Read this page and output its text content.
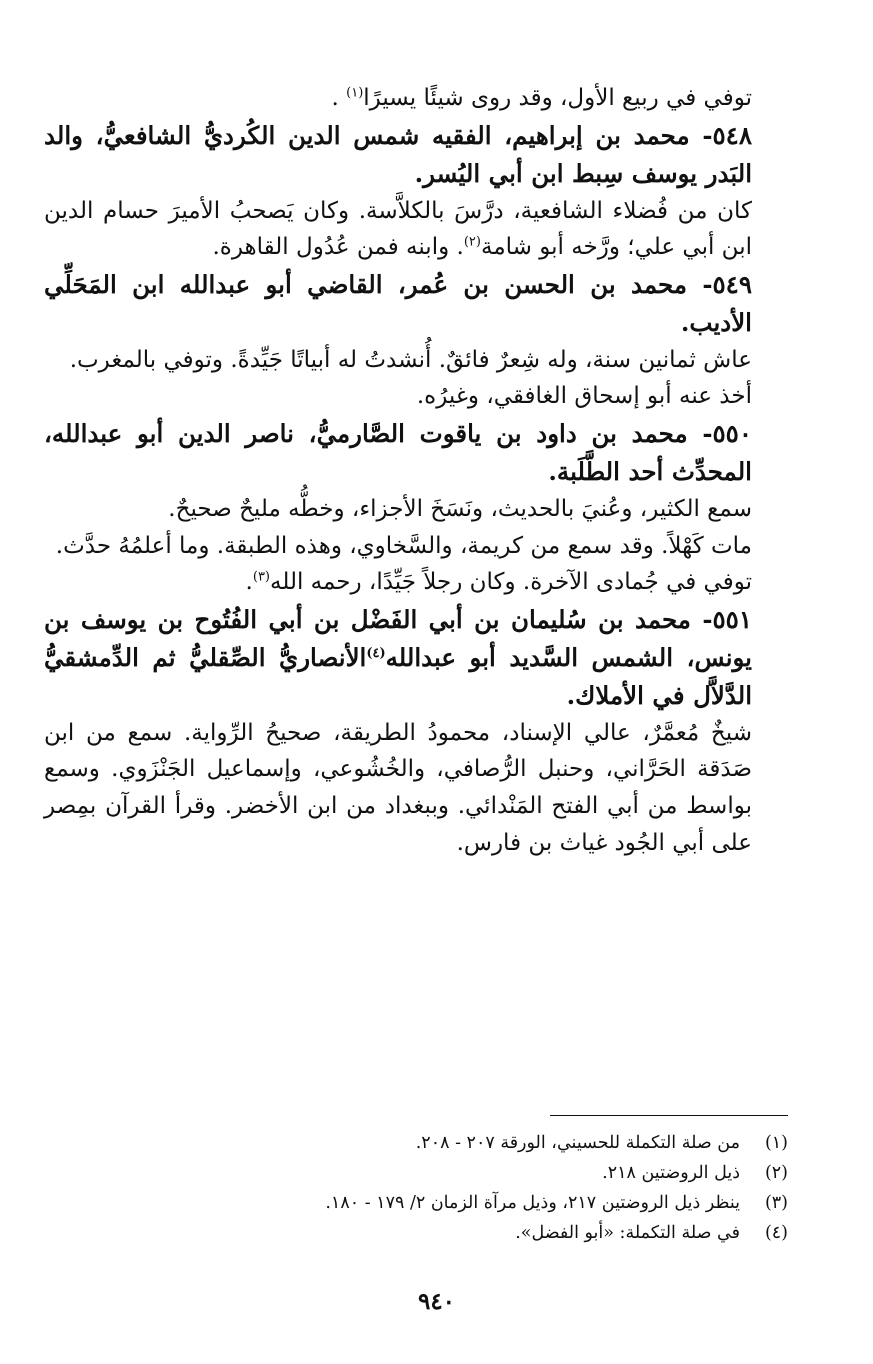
توفي في ربيع الأول، وقد روى شيئًا يسيرًا$^{(١)}$ .

٥٤٨- محمد بن إبراهيم، الفقيه شمس الدين الكُرديُّ الشافعيُّ، والد البَدر يوسف سِبط ابن أبي اليُسر.

كان من فُضلاء الشافعية، درَّسَ بالكلاَّسة. وكان يَصحبُ الأميرَ حسام الدين ابن أبي علي؛ ورَّخه أبو شامة$^{(٢)}$. وابنه فمن عُدُول القاهرة.

٥٤٩- محمد بن الحسن بن عُمر، القاضي أبو عبدالله ابن المَحَلِّي الأديب.

عاش ثمانين سنة، وله شِعرٌ فائقٌ. أُنشدتُ له أبياتًا جَيِّدةً. وتوفي بالمغرب.

أخذ عنه أبو إسحاق الغافقي، وغيرُه.

٥٥٠- محمد بن داود بن ياقوت الصَّارميُّ، ناصر الدين أبو عبدالله، المحدِّث أحد الطَّلَبة.

سمع الكثير، وعُنيَ بالحديث، ونَسَخَ الأجزاء، وخطُّه مليحٌ صحيحٌ.

مات كَهْلاً. وقد سمع من كريمة، والسَّخاوي، وهذه الطبقة. وما أعلمُهُ حدَّث.

توفي في جُمادى الآخرة. وكان رجلاً جَيِّدًا، رحمه الله$^{(٣)}$.

٥٥١- محمد بن سُليمان بن أبي الفَضْل بن أبي الفُتُوح بن يوسف بن يونس، الشمس السَّديد أبو عبدالله$^{(٤)}$الأنصاريُّ الصِّقليُّ ثم الدِّمشقيُّ الدَّلاَّل في الأملاك.

شيخٌ مُعمَّرٌ، عالي الإسناد، محمودُ الطريقة، صحيحُ الرِّواية. سمع من ابن صَدَقة الحَرَّاني، وحنبل الرُّصافي، والخُشُوعي، وإسماعيل الجَنْزَوي. وسمع بواسط من أبي الفتح المَنْدائي. وببغداد من ابن الأخضر. وقرأ القرآن بمِصر على أبي الجُود غياث بن فارس.

(١)
من صلة التكملة للحسيني، الورقة ٢٠٧ - ٢٠٨.
(٢)
ذيل الروضتين ٢١٨.
(٣)
ينظر ذيل الروضتين ٢١٧، وذيل مرآة الزمان ٢/ ١٧٩ - ١٨٠.
(٤)
في صلة التكملة: «أبو الفضل».
٩٤٠
